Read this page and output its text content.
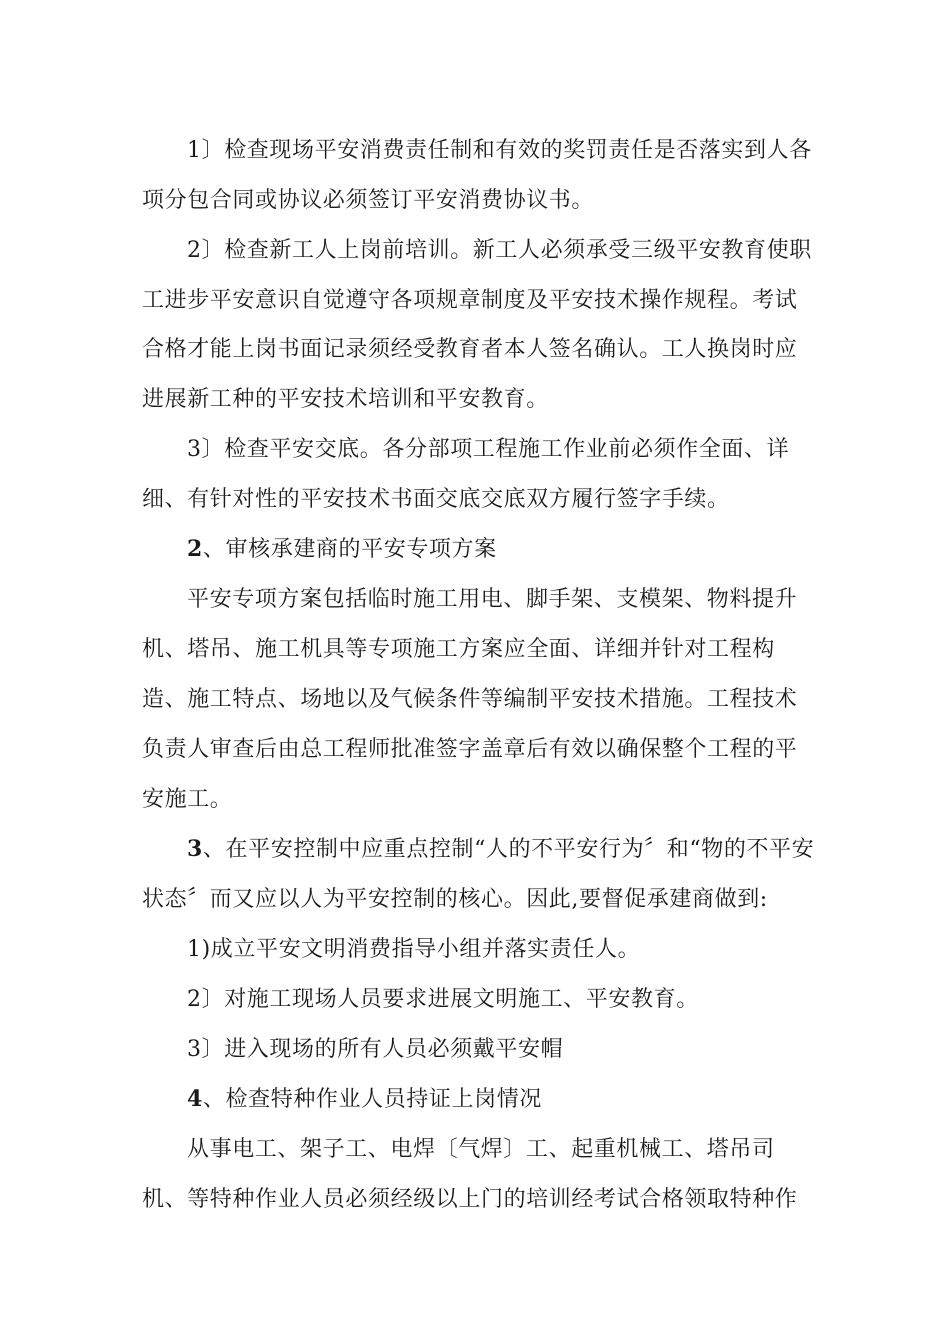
1〕检查现场平安消费责任制和有效的奖罚责任是否落实到人各
项分包合同或协议必须签订平安消费协议书。
2〕检查新工人上岗前培训。新工人必须承受三级平安教育使职
工进步平安意识自觉遵守各项规章制度及平安技术操作规程。考试
合格才能上岗书面记录须经受教育者本人签名确认。工人换岗时应
进展新工种的平安技术培训和平安教育。
3〕检查平安交底。各分部项工程施工作业前必须作全面、详
细、有针对性的平安技术书面交底交底双方履行签字手续。
2、审核承建商的平安专项方案
平安专项方案包括临时施工用电、脚手架、支模架、物料提升
机、塔吊、施工机具等专项施工方案应全面、详细并针对工程构
造、施工特点、场地以及气候条件等编制平安技术措施。工程技术
负责人审查后由总工程师批准签字盖章后有效以确保整个工程的平
安施工。
3、在平安控制中应重点控制“人的不平安行为〞和“物的不平安
状态〞而又应以人为平安控制的核心。因此,要督促承建商做到:
1)成立平安文明消费指导小组并落实责任人。
2〕对施工现场人员要求进展文明施工、平安教育。
3〕进入现场的所有人员必须戴平安帽
4、检查特种作业人员持证上岗情况
从事电工、架子工、电焊〔气焊〕工、起重机械工、塔吊司
机、等特种作业人员必须经级以上门的培训经考试合格领取特种作
